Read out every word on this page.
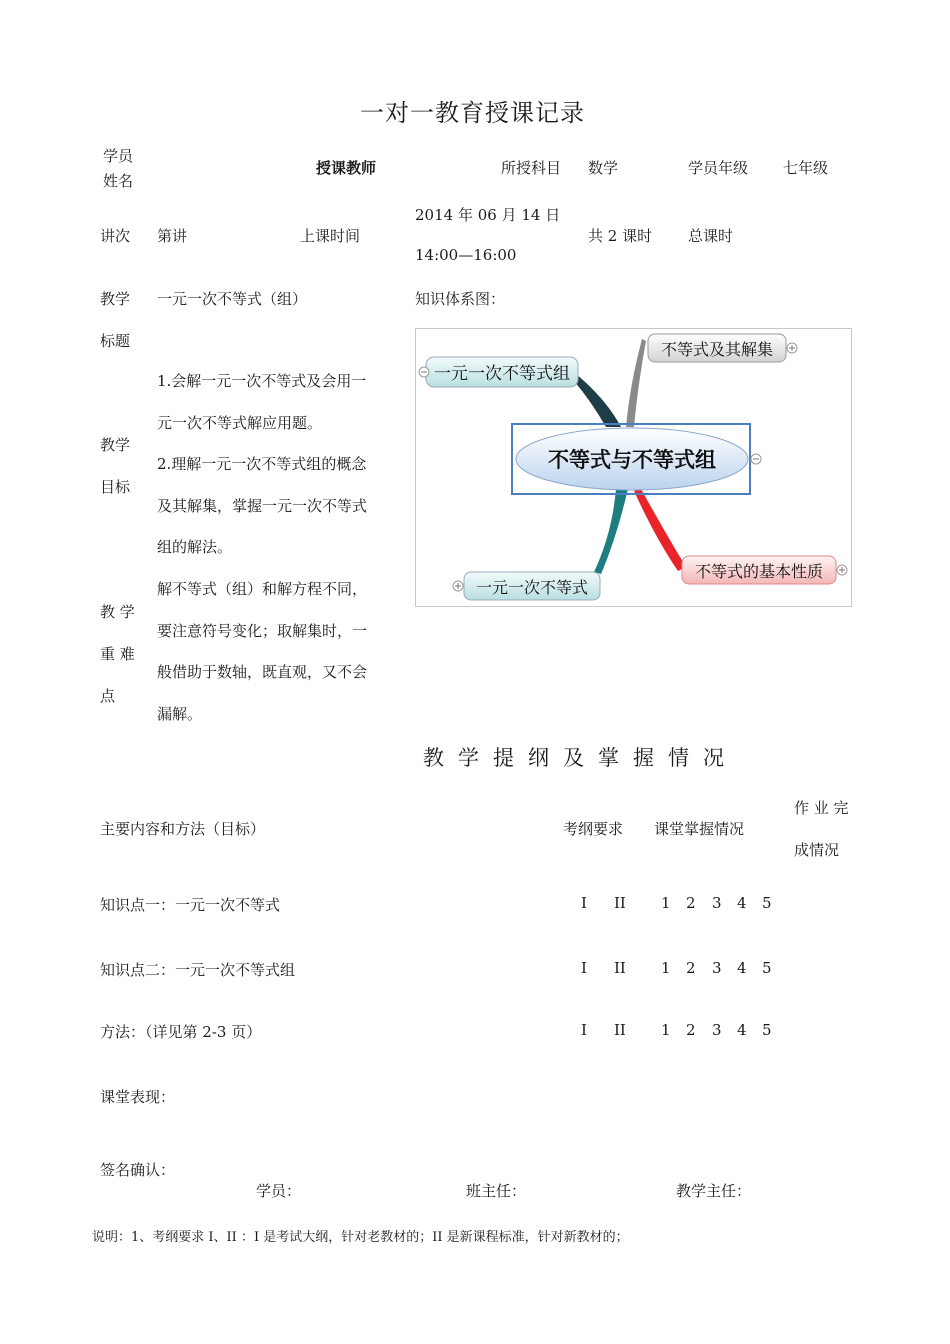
一对一教育授课记录
学员
姓名
授课教师	所授科目 数学	学员年级 七年级
讲次 第讲	上课时间
2014 年 06 月 14 日
14:00—16:00
共 2 课时 总课时
教学
标题
一元一次不等式（组）	知识体系图：
教学
目标
1.会解一元一次不等式及会用一
元一次不等式解应用题。
2.理解一元一次不等式组的概念
及其解集，掌握一元一次不等式
组的解法。
教 学
重 难
点
解不等式（组）和解方程不同，
要注意符号变化；取解集时，一
般借助于数轴，既直观，又不会
漏解。
不等式与不等式组
一元一次不等式组
不等式及其解集
一元一次不等式
不等式的基本性质
教学提纲及掌握情况
主要内容和方法（目标）	考纲要求 课堂掌握情况
作 业 完
成情况
知识点一：一元一次不等式	I II 1 2 3 4 5
知识点二：一元一次不等式组	I II 1 2 3 4 5
方法：（详见第 2-3 页）	I II 1 2 3 4 5
课堂表现：
签名确认：
学员：	班主任：	教学主任：
说明：1、考纲要求 I、II ：I 是考试大纲，针对老教材的；II 是新课程标准，针对新教材的；
